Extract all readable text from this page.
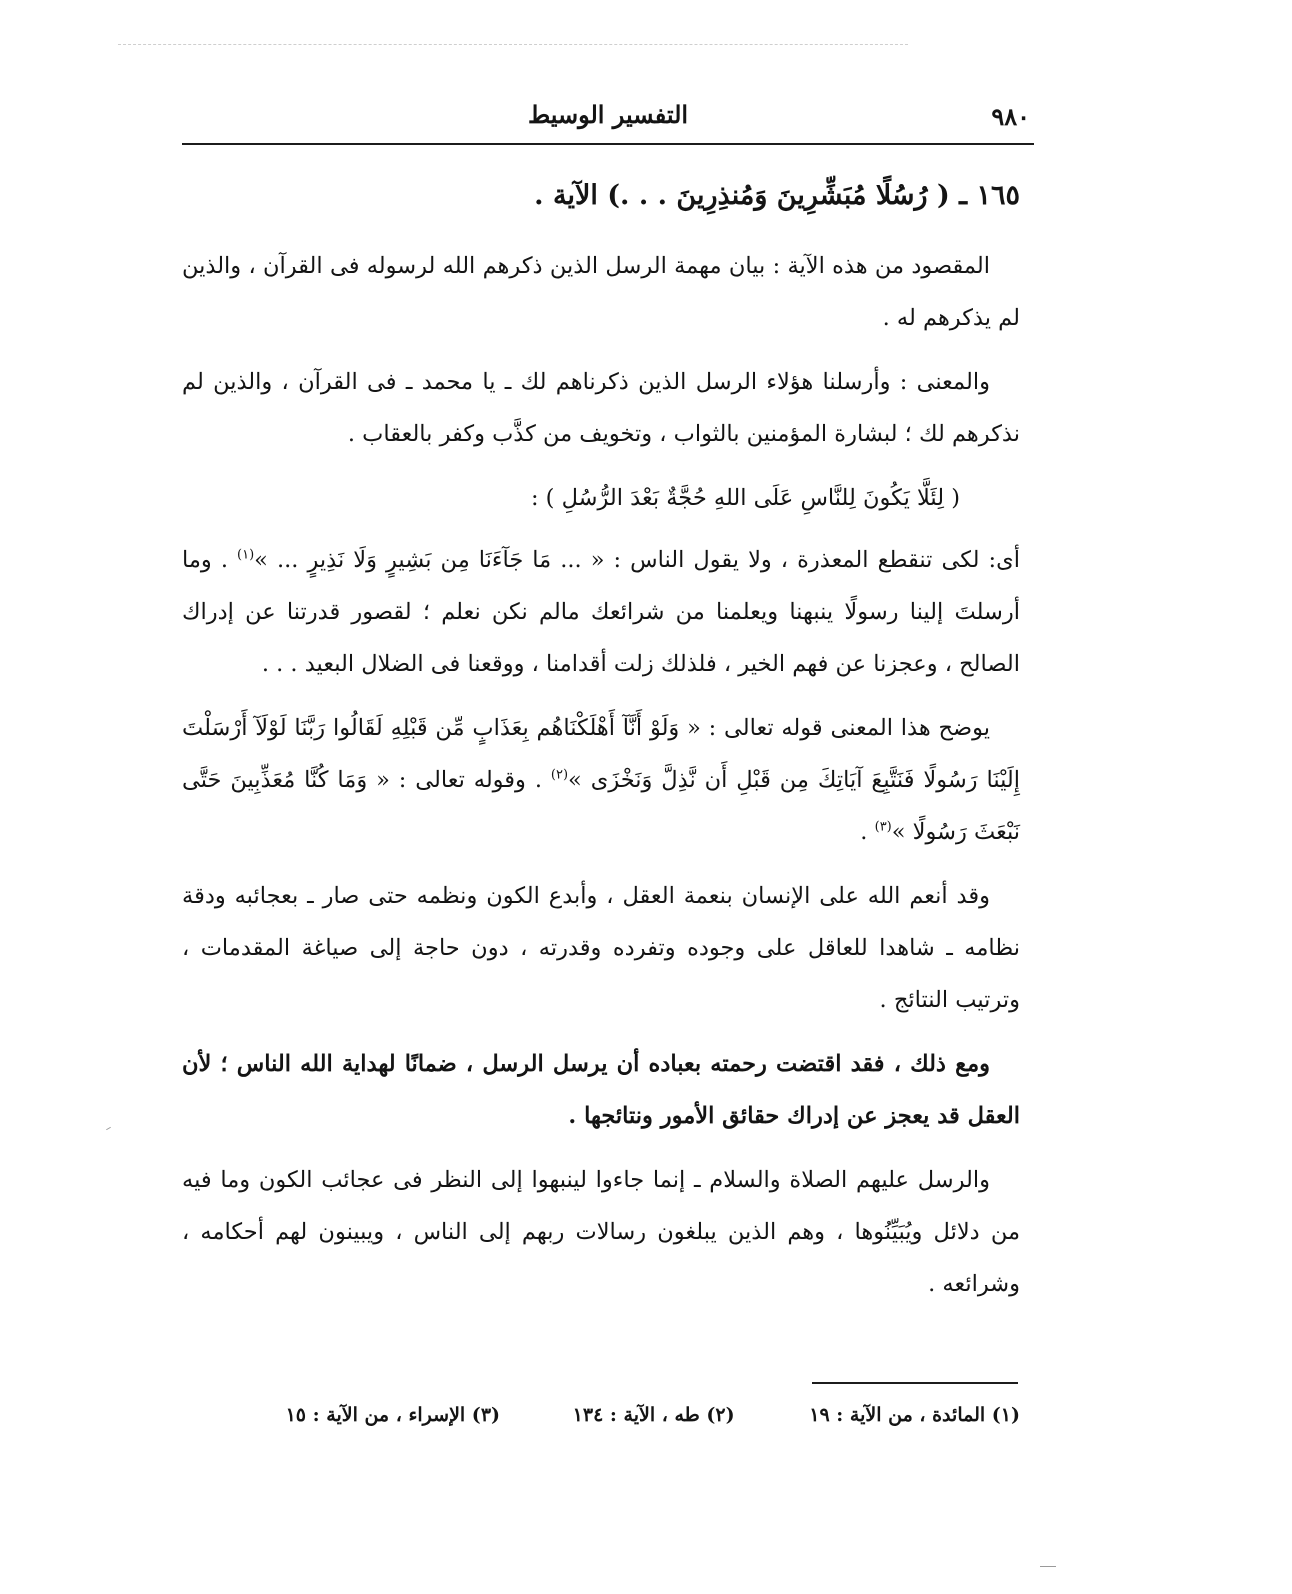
٩٨٠
التفسير الوسيط

١٦٥ ـ ( رُسُلًا مُبَشِّرِينَ وَمُنذِرِينَ . . .) الآية .

المقصود من هذه الآية : بيان مهمة الرسل الذين ذكرهم الله لرسوله فى القرآن ، والذين لم يذكرهم له .

والمعنى : وأرسلنا هؤلاء الرسل الذين ذكرناهم لك ـ يا محمد ـ فى القرآن ، والذين لم نذكرهم لك ؛ لبشارة المؤمنين بالثواب ، وتخويف من كذَّب وكفر بالعقاب .

( لِئَلَّا يَكُونَ لِلنَّاسِ عَلَى اللهِ حُجَّةٌ بَعْدَ الرُّسُلِ ) :

أى: لكى تنقطع المعذرة ، ولا يقول الناس : « ... مَا جَآءَنَا مِن بَشِيرٍ وَلَا نَذِيرٍ ... »$^{(١)}$ . وما أرسلتَ إلينا رسولًا ينبهنا ويعلمنا من شرائعك مالم نكن نعلم ؛ لقصور قدرتنا عن إدراك الصالح ، وعجزنا عن فهم الخير ، فلذلك زلت أقدامنا ، ووقعنا فى الضلال البعيد . . .

يوضح هذا المعنى قوله تعالى : « وَلَوْ أَنَّآ أَهْلَكْنَاهُم بِعَذَابٍ مِّن قَبْلِهِ لَقَالُوا رَبَّنَا لَوْلَآ أَرْسَلْتَ إِلَيْنَا رَسُولًا فَنَتَّبِعَ آيَاتِكَ مِن قَبْلِ أَن نَّذِلَّ وَنَخْزَى »$^{(٢)}$ . وقوله تعالى : « وَمَا كُنَّا مُعَذِّبِينَ حَتَّى نَبْعَثَ رَسُولًا »$^{(٣)}$ .

وقد أنعم الله على الإنسان بنعمة العقل ، وأبدع الكون ونظمه حتى صار ـ بعجائبه ودقة نظامه ـ شاهدا للعاقل على وجوده وتفرده وقدرته ، دون حاجة إلى صياغة المقدمات ، وترتيب النتائج .

ومع ذلك ، فقد اقتضت رحمته بعباده أن يرسل الرسل ، ضمانًا لهداية الله الناس ؛ لأن العقل قد يعجز عن إدراك حقائق الأمور ونتائجها .

والرسل عليهم الصلاة والسلام ـ إنما جاءوا لينبهوا إلى النظر فى عجائب الكون وما فيه من دلائل ويُبَيِّنُوها ، وهم الذين يبلغون رسالات ربهم إلى الناس ، ويبينون لهم أحكامه ، وشرائعه .

(١) المائدة ، من الآية : ١٩ (٢) طه ، الآية : ١٣٤ (٣) الإسراء ، من الآية : ١٥
